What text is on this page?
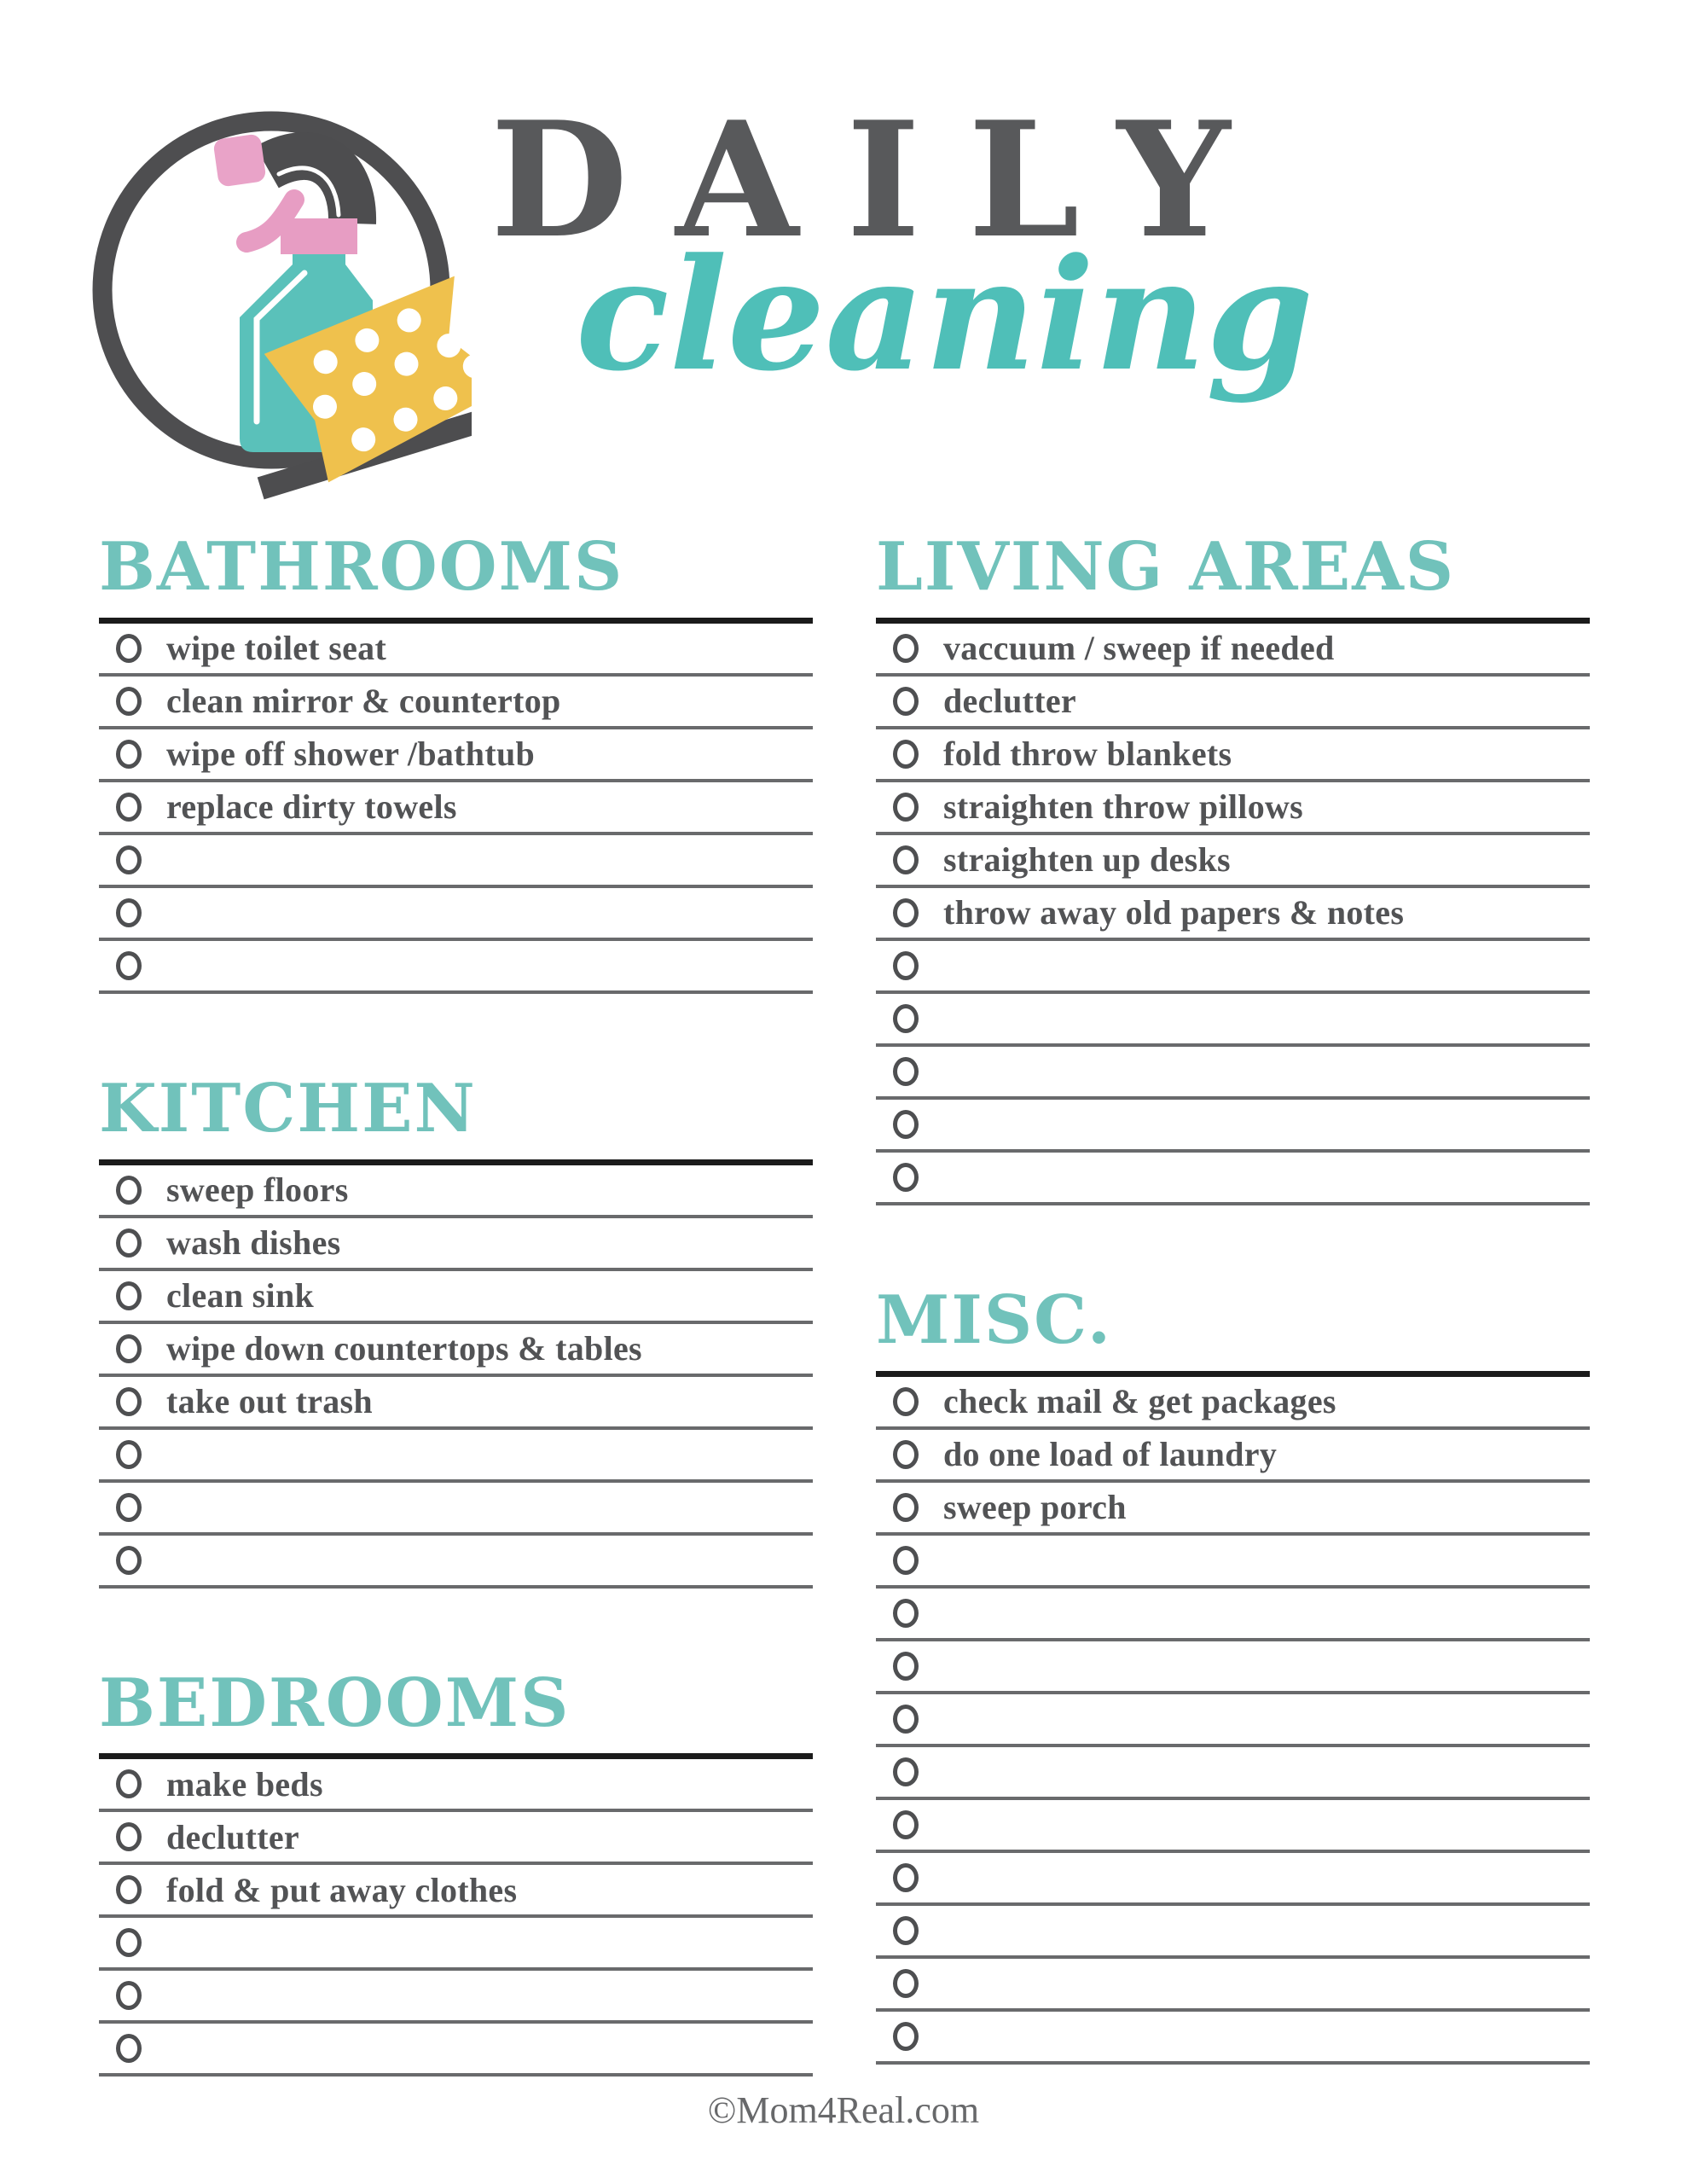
DAILY
cleaning
BATHROOMS
wipe toilet seat
clean mirror & countertop
wipe off shower /bathtub
replace dirty towels
KITCHEN
sweep floors
wash dishes
clean sink
wipe down countertops & tables
take out trash
BEDROOMS
make beds
declutter
fold & put away clothes
LIVING AREAS
vaccuum / sweep if needed
declutter
fold throw blankets
straighten throw pillows
straighten up desks
throw away old papers & notes
MISC.
check mail & get packages
do one load of laundry
sweep porch
©Mom4Real.com
